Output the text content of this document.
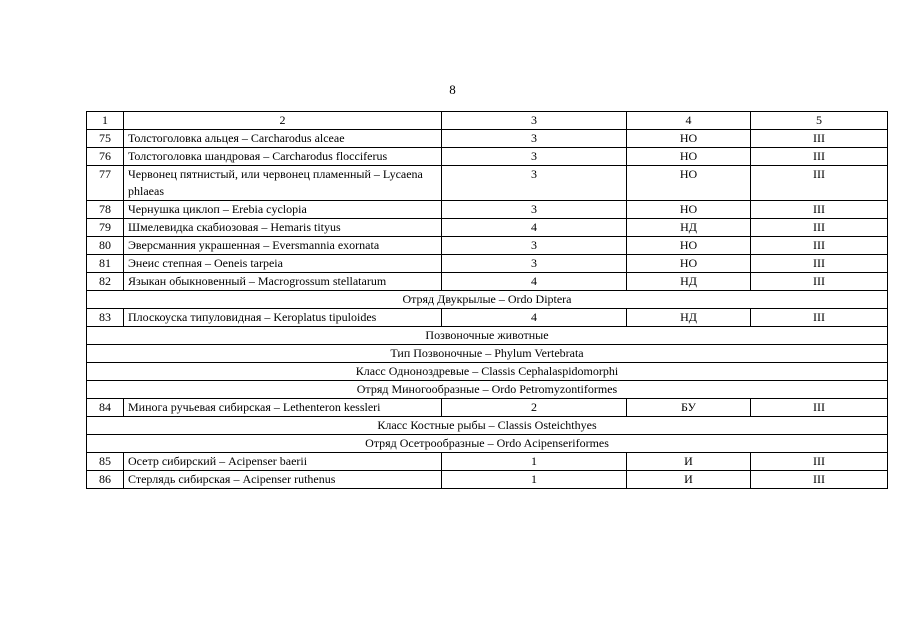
8
1	2	3	4	5
75	Толстоголовка альцея – Carcharodus alceae	3	НО	III
76	Толстоголовка шандровая – Carcharodus flocciferus	3	НО	III
77	Червонец пятнистый, или червонец пламенный – Lycaena phlaeas	3	НО	III
78	Чернушка циклоп – Erebia cyclopia	3	НО	III
79	Шмелевидка скабиозовая – Hemaris tityus	4	НД	III
80	Эверсманния украшенная – Eversmannia exornata	3	НО	III
81	Энеис степная – Oeneis tarpeia	3	НО	III
82	Языкан обыкновенный – Macrogrossum stellatarum	4	НД	III
Отряд Двукрылые – Ordo Diptera				
83	Плоскоуска типуловидная – Keroplatus tipuloides	4	НД	III
Позвоночные животные				
Тип Позвоночные – Phylum Vertebrata				
Класс Однонoздревые – Classis Cephalaspidomorphi				
Отряд Миногообразные – Ordo Petromyzontiformes				
84	Минога ручьевая сибирская – Lethenteron kessleri	2	БУ	III
Класс Костные рыбы – Classis Osteichthyes				
Отряд Осетрообразные – Ordo Acipenseriformes				
85	Осетр сибирский – Acipenser baerii	1	И	III
86	Стерлядь сибирская – Acipenser ruthenus	1	И	III
